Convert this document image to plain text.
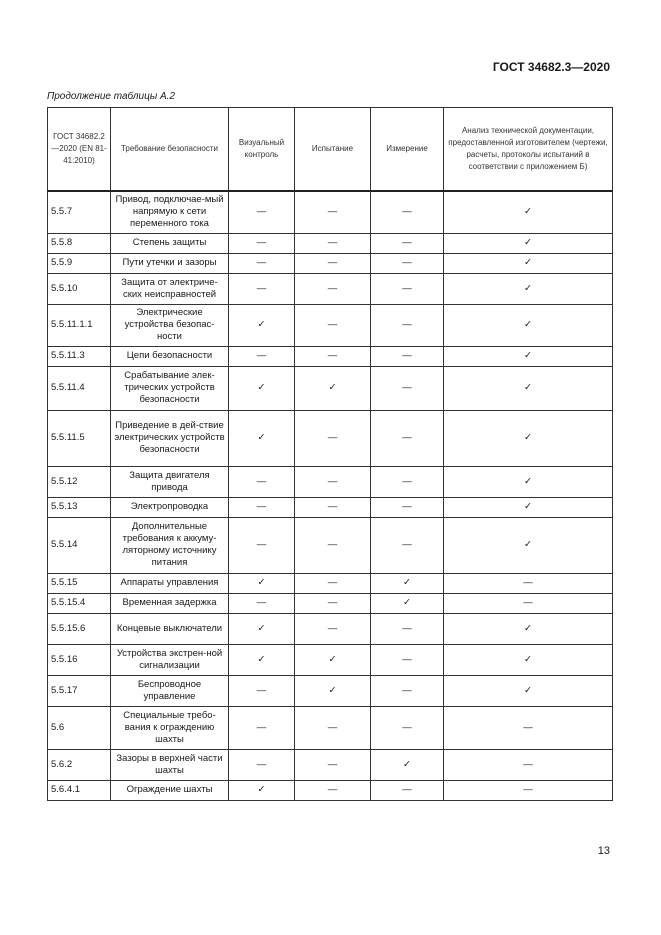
ГОСТ 34682.3—2020
Продолжение таблицы А.2
ГОСТ 34682.2—2020 (EN 81-41:2010)	Требование безопасности	Визуальный контроль	Испытание	Измерение	Анализ технической документации, предоставленной изготовителем (чертежи, расчеты, протоколы испытаний в соответствии с приложением Б)
5.5.7	Привод, подключае-мый напрямую к сети переменного тока	—	—	—	✓
5.5.8	Степень защиты	—	—	—	✓
5.5.9	Пути утечки и зазоры	—	—	—	✓
5.5.10	Защита от электриче-ских неисправностей	—	—	—	✓
5.5.11.1.1	Электрические устройства безопас-ности	✓	—	—	✓
5.5.11.3	Цепи безопасности	—	—	—	✓
5.5.11.4	Срабатывание элек-трических устройств безопасности	✓	✓	—	✓
5.5.11.5	Приведение в дей-ствие электрических устройств безопасности	✓	—	—	✓
5.5.12	Защита двигателя привода	—	—	—	✓
5.5.13	Электропроводка	—	—	—	✓
5.5.14	Дополнительные требования к аккуму-ляторному источнику питания	—	—	—	✓
5.5.15	Аппараты управления	✓	—	✓	—
5.5.15.4	Временная задержка	—	—	✓	—
5.5.15.6	Концевые выключатели	✓	—	—	✓
5.5.16	Устройства экстрен-ной сигнализации	✓	✓	—	✓
5.5.17	Беспроводное управление	—	✓	—	✓
5.6	Специальные требо-вания к ограждению шахты	—	—	—	—
5.6.2	Зазоры в верхней части шахты	—	—	✓	—
5.6.4.1	Ограждение шахты	✓	—	—	—
13
